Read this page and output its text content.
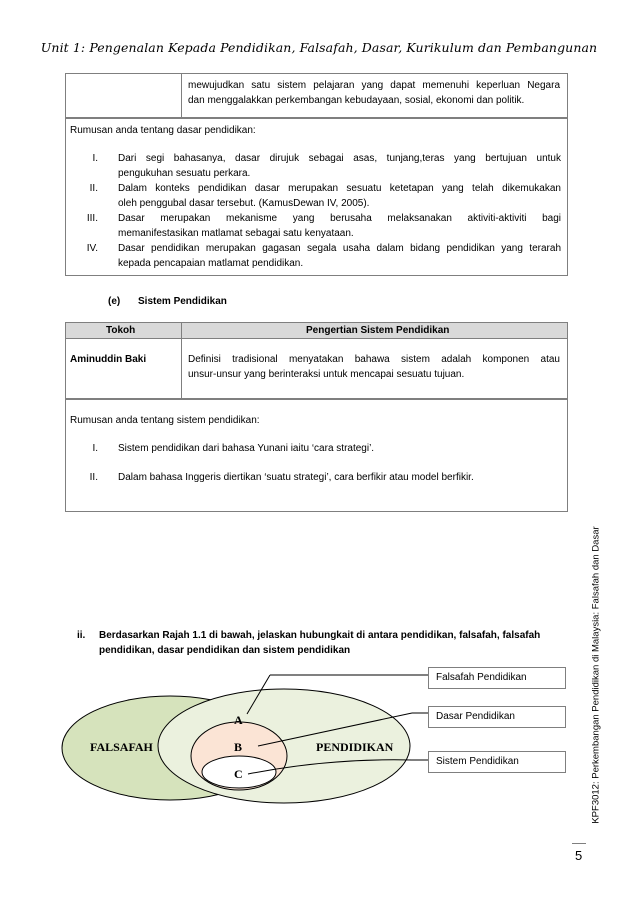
Unit 1: Pengenalan Kepada Pendidikan, Falsafah, Dasar, Kurikulum dan Pembangunan
mewujudkan satu sistem pelajaran yang dapat memenuhi keperluan Negara
dan menggalakkan perkembangan kebudayaan, sosial, ekonomi dan politik.
Rumusan anda tentang dasar pendidikan:
I. Dari segi bahasanya, dasar dirujuk sebagai asas, tunjang,teras yang bertujuan untuk
pengukuhan sesuatu perkara.
II. Dalam konteks pendidikan dasar merupakan sesuatu ketetapan yang telah dikemukakan
oleh penggubal dasar tersebut. (KamusDewan IV, 2005).
III. Dasar merupakan mekanisme yang berusaha melaksanakan aktiviti-aktiviti bagi
memanifestasikan matlamat sebagai satu kenyataan.
IV. Dasar pendidikan merupakan gagasan segala usaha dalam bidang pendidikan yang terarah
kepada pencapaian matlamat pendidikan.
(e) Sistem Pendidikan
Tokoh	Pengertian Sistem Pendidikan
Aminuddin Baki	Definisi tradisional menyatakan bahawa sistem adalah komponen atau
unsur-unsur yang berinteraksi untuk mencapai sesuatu tujuan.
Rumusan anda tentang sistem pendidikan:
I. Sistem pendidikan dari bahasa Yunani iaitu ‘cara strategi’.
II. Dalam bahasa Inggeris diertikan ‘suatu strategi’, cara berfikir atau model berfikir.
ii. Berdasarkan Rajah 1.1 di bawah, jelaskan hubungkait di antara pendidikan, falsafah, falsafah
pendidikan, dasar pendidikan dan sistem pendidikan
FALSAFAH	PENDIDIKAN
A
B
C
Falsafah Pendidikan
Dasar Pendidikan
Sistem Pendidikan	KPF3012: Perkembangan Pendidikan di Malaysia: Falsafah dan Dasar
5
